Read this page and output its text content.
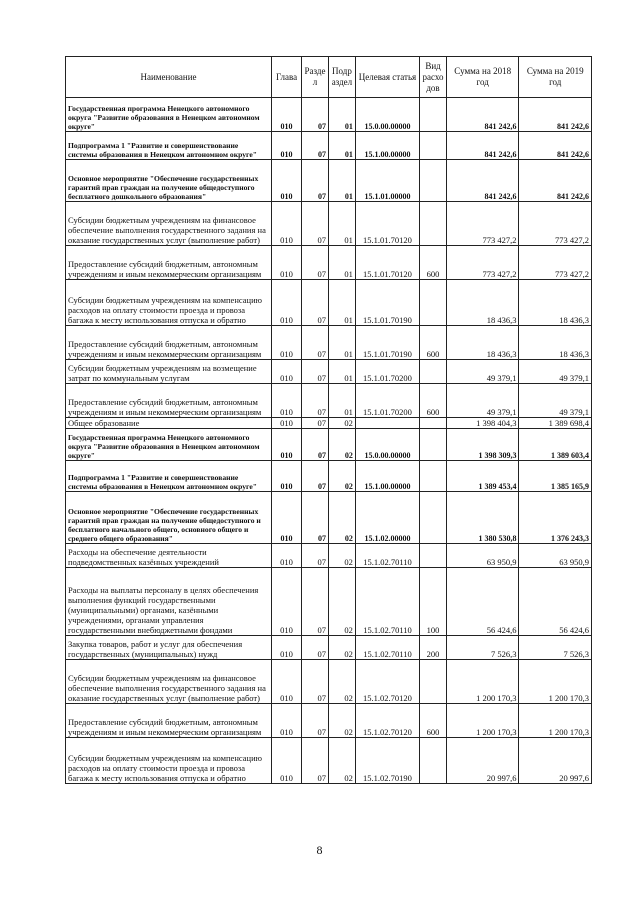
Наименование	Глава	Разде л	Подр аздел	Целевая статья	Вид расхо дов	Сумма на 2018 год	Сумма на 2019 год
Государственная программа Ненецкого автономного округа "Развитие образования в Ненецком автономном округе"	010	07	01	15.0.00.00000		841 242,6	841 242,6
Подпрограмма 1 "Развитие и совершенствование системы образования в Ненецком автономном округе"	010	07	01	15.1.00.00000		841 242,6	841 242,6
Основное мероприятие "Обеспечение государственных гарантий прав граждан на получение общедоступного бесплатного дошкольного образования"	010	07	01	15.1.01.00000		841 242,6	841 242,6
Субсидии бюджетным учреждениям на финансовое обеспечение выполнения государственного задания на оказание государственных услуг (выполнение работ)	010	07	01	15.1.01.70120		773 427,2	773 427,2
Предоставление субсидий бюджетным, автономным учреждениям и иным некоммерческим организациям	010	07	01	15.1.01.70120	600	773 427,2	773 427,2
Субсидии бюджетным учреждениям на компенсацию расходов на оплату стоимости проезда и провоза багажа к месту использования отпуска и обратно	010	07	01	15.1.01.70190		18 436,3	18 436,3
Предоставление субсидий бюджетным, автономным учреждениям и иным некоммерческим организациям	010	07	01	15.1.01.70190	600	18 436,3	18 436,3
Субсидии бюджетным учреждениям на возмещение затрат по коммунальным услугам	010	07	01	15.1.01.70200		49 379,1	49 379,1
Предоставление субсидий бюджетным, автономным учреждениям и иным некоммерческим организациям	010	07	01	15.1.01.70200	600	49 379,1	49 379,1
Общее образование	010	07	02			1 398 404,3	1 389 698,4
Государственная программа Ненецкого автономного округа "Развитие образования в Ненецком автономном округе"	010	07	02	15.0.00.00000		1 398 309,3	1 389 603,4
Подпрограмма 1 "Развитие и совершенствование системы образования в Ненецком автономном округе"	010	07	02	15.1.00.00000		1 389 453,4	1 385 165,9
Основное мероприятие "Обеспечение государственных гарантий прав граждан на получение общедоступного и бесплатного начального общего, основного общего и среднего общего образования"	010	07	02	15.1.02.00000		1 380 530,8	1 376 243,3
Расходы на обеспечение деятельности подведомственных казённых учреждений	010	07	02	15.1.02.70110		63 950,9	63 950,9
Расходы на выплаты персоналу в целях обеспечения выполнения функций государственными (муниципальными) органами, казёнными учреждениями, органами управления государственными внебюджетными фондами	010	07	02	15.1.02.70110	100	56 424,6	56 424,6
Закупка товаров, работ и услуг для обеспечения государственных (муниципальных) нужд	010	07	02	15.1.02.70110	200	7 526,3	7 526,3
Субсидии бюджетным учреждениям на финансовое обеспечение выполнения государственного задания на оказание государственных услуг (выполнение работ)	010	07	02	15.1.02.70120		1 200 170,3	1 200 170,3
Предоставление субсидий бюджетным, автономным учреждениям и иным некоммерческим организациям	010	07	02	15.1.02.70120	600	1 200 170,3	1 200 170,3
Субсидии бюджетным учреждениям на компенсацию расходов на оплату стоимости проезда и провоза багажа к месту использования отпуска и обратно	010	07	02	15.1.02.70190		20 997,6	20 997,6
8
